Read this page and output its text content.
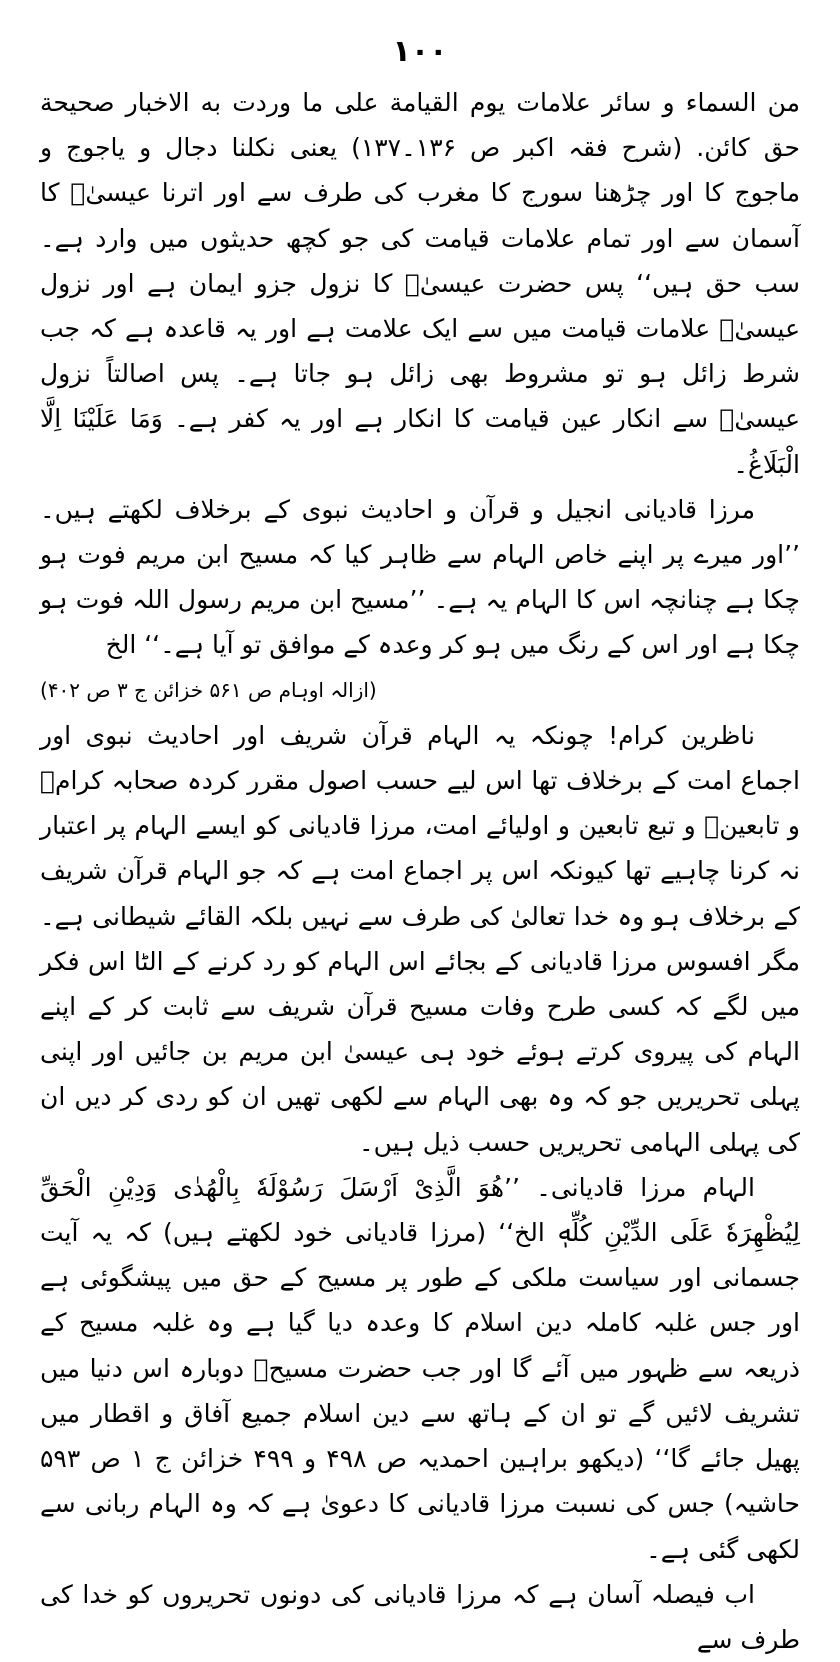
١٠٠

من السماء و سائر علامات یوم القیامة علی ما وردت به الاخبار صحیحة حق کائن. (شرح فقہ اکبر ص ۱۳۶۔۱۳۷) یعنی نکلنا دجال و یاجوج و ماجوج کا اور چڑھنا سورج کا مغرب کی طرف سے اور اترنا عیسیٰؑ کا آسمان سے اور تمام علامات قیامت کی جو کچھ حدیثوں میں وارد ہے۔ سب حق ہیں‘‘ پس حضرت عیسیٰؑ کا نزول جزو ایمان ہے اور نزول عیسیٰؑ علامات قیامت میں سے ایک علامت ہے اور یہ قاعدہ ہے کہ جب شرط زائل ہو تو مشروط بھی زائل ہو جاتا ہے۔ پس اصالتاً نزول عیسیٰؑ سے انکار عین قیامت کا انکار ہے اور یہ کفر ہے۔ وَمَا عَلَیْنَا اِلَّا الْبَلَاغُ۔

مرزا قادیانی انجیل و قرآن و احادیث نبوی کے برخلاف لکھتے ہیں۔ ’’اور میرے پر اپنے خاص الہام سے ظاہر کیا کہ مسیح ابن مریم فوت ہو چکا ہے چنانچہ اس کا الہام یہ ہے۔ ’’مسیح ابن مریم رسول اللہ فوت ہو چکا ہے اور اس کے رنگ میں ہو کر وعدہ کے موافق تو آیا ہے۔‘‘ الخ

(ازالہ اوہام ص ۵۶۱ خزائن ج ۳ ص ۴۰۲)

ناظرین کرام! چونکہ یہ الہام قرآن شریف اور احادیث نبوی اور اجماع امت کے برخلاف تھا اس لیے حسب اصول مقرر کردہ صحابہ کرامؓ و تابعینؒ و تبع تابعین و اولیائے امت، مرزا قادیانی کو ایسے الہام پر اعتبار نہ کرنا چاہیے تھا کیونکہ اس پر اجماع امت ہے کہ جو الہام قرآن شریف کے برخلاف ہو وہ خدا تعالیٰ کی طرف سے نہیں بلکہ القائے شیطانی ہے۔ مگر افسوس مرزا قادیانی کے بجائے اس الہام کو رد کرنے کے الٹا اس فکر میں لگے کہ کسی طرح وفات مسیح قرآن شریف سے ثابت کر کے اپنے الہام کی پیروی کرتے ہوئے خود ہی عیسیٰ ابن مریم بن جائیں اور اپنی پہلی تحریریں جو کہ وہ بھی الہام سے لکھی تھیں ان کو ردی کر دیں ان کی پہلی الہامی تحریریں حسب ذیل ہیں۔

الہام مرزا قادیانی۔ ’’هُوَ الَّذِیْ اَرْسَلَ رَسُوْلَهٗ بِالْهُدٰی وَدِیْنِ الْحَقِّ لِیُظْهِرَهٗ عَلَی الدِّیْنِ كُلِّهٖ الخ‘‘ (مرزا قادیانی خود لکھتے ہیں) کہ یہ آیت جسمانی اور سیاست ملکی کے طور پر مسیح کے حق میں پیشگوئی ہے اور جس غلبہ کاملہ دین اسلام کا وعدہ دیا گیا ہے وہ غلبہ مسیح کے ذریعہ سے ظہور میں آئے گا اور جب حضرت مسیحؑ دوبارہ اس دنیا میں تشریف لائیں گے تو ان کے ہاتھ سے دین اسلام جمیع آفاق و اقطار میں پھیل جائے گا‘‘ (دیکھو براہین احمدیہ ص ۴۹۸ و ۴۹۹ خزائن ج ۱ ص ۵۹۳ حاشیہ) جس کی نسبت مرزا قادیانی کا دعویٰ ہے کہ وہ الہام ربانی سے لکھی گئی ہے۔

اب فیصلہ آسان ہے کہ مرزا قادیانی کی دونوں تحریروں کو خدا کی طرف سے
